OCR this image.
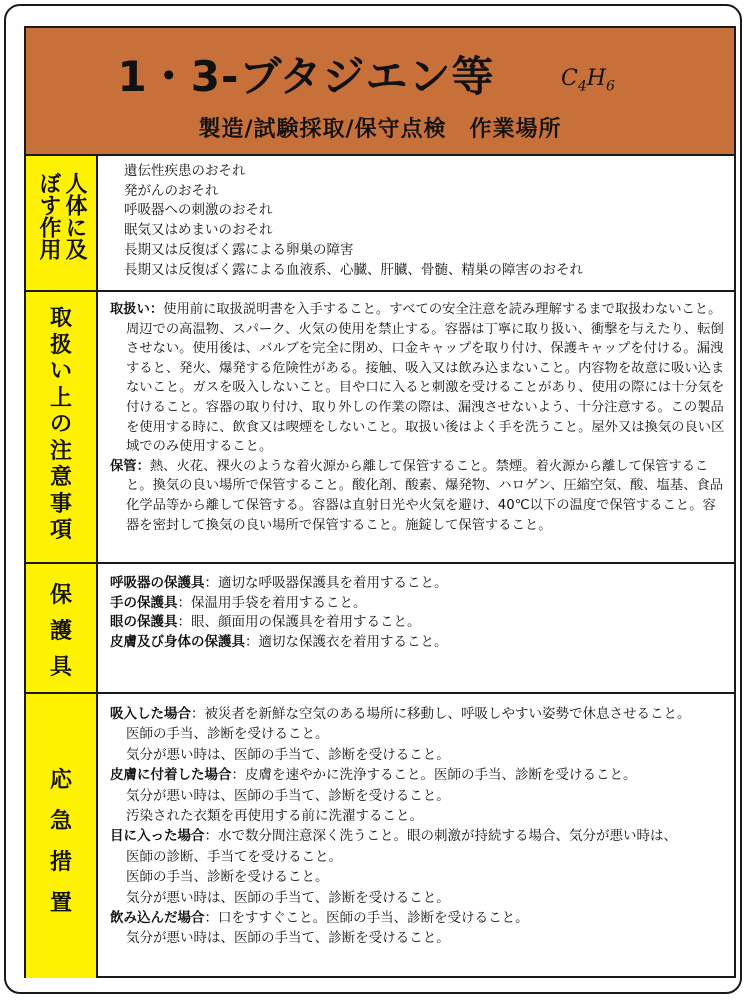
1・3-ブタジエン等	$C_4H_6$
製造/試験採取/保守点検　作業場所
人体に及
ぼす作用
遺伝性疾患のおそれ
発がんのおそれ
呼吸器への刺激のおそれ
眠気又はめまいのおそれ
長期又は反復ばく露による卵巣の障害
長期又は反復ばく露による血液系、心臓、肝臓、骨髄、精巣の障害のおそれ
取
扱
い
上
の
注
意
事
項
取扱い：使用前に取扱説明書を入手すること。すべての安全注意を読み理解するまで取扱わないこと。周辺での高温物、スパーク、火気の使用を禁止する。容器は丁寧に取り扱い、衝撃を与えたり、転倒させない。使用後は、バルブを完全に閉め、口金キャップを取り付け、保護キャップを付ける。漏洩すると、発火、爆発する危険性がある。接触、吸入又は飲み込まないこと。内容物を故意に吸い込まないこと。ガスを吸入しないこと。目や口に入ると刺激を受けることがあり、使用の際には十分気を付けること。容器の取り付け、取り外しの作業の際は、漏洩させないよう、十分注意する。この製品を使用する時に、飲食又は喫煙をしないこと。取扱い後はよく手を洗うこと。屋外又は換気の良い区域でのみ使用すること。
保管：熱、火花、裸火のような着火源から離して保管すること。禁煙。着火源から離して保管すること。換気の良い場所で保管すること。酸化剤、酸素、爆発物、ハロゲン、圧縮空気、酸、塩基、食品化学品等から離して保管する。容器は直射日光や火気を避け、40℃以下の温度で保管すること。容器を密封して換気の良い場所で保管すること。施錠して保管すること。
保
護
具
呼吸器の保護具：適切な呼吸器保護具を着用すること。
手の保護具：保温用手袋を着用すること。
眼の保護具：眼、顔面用の保護具を着用すること。
皮膚及び身体の保護具：適切な保護衣を着用すること。
応
急
措
置
吸入した場合：被災者を新鮮な空気のある場所に移動し、呼吸しやすい姿勢で休息させること。
医師の手当、診断を受けること。
気分が悪い時は、医師の手当て、診断を受けること。
皮膚に付着した場合：皮膚を速やかに洗浄すること。医師の手当、診断を受けること。
気分が悪い時は、医師の手当て、診断を受けること。
汚染された衣類を再使用する前に洗濯すること。
目に入った場合：水で数分間注意深く洗うこと。眼の刺激が持続する場合、気分が悪い時は、
医師の診断、手当てを受けること。
医師の手当、診断を受けること。
気分が悪い時は、医師の手当て、診断を受けること。
飲み込んだ場合：口をすすぐこと。医師の手当、診断を受けること。
気分が悪い時は、医師の手当て、診断を受けること。
